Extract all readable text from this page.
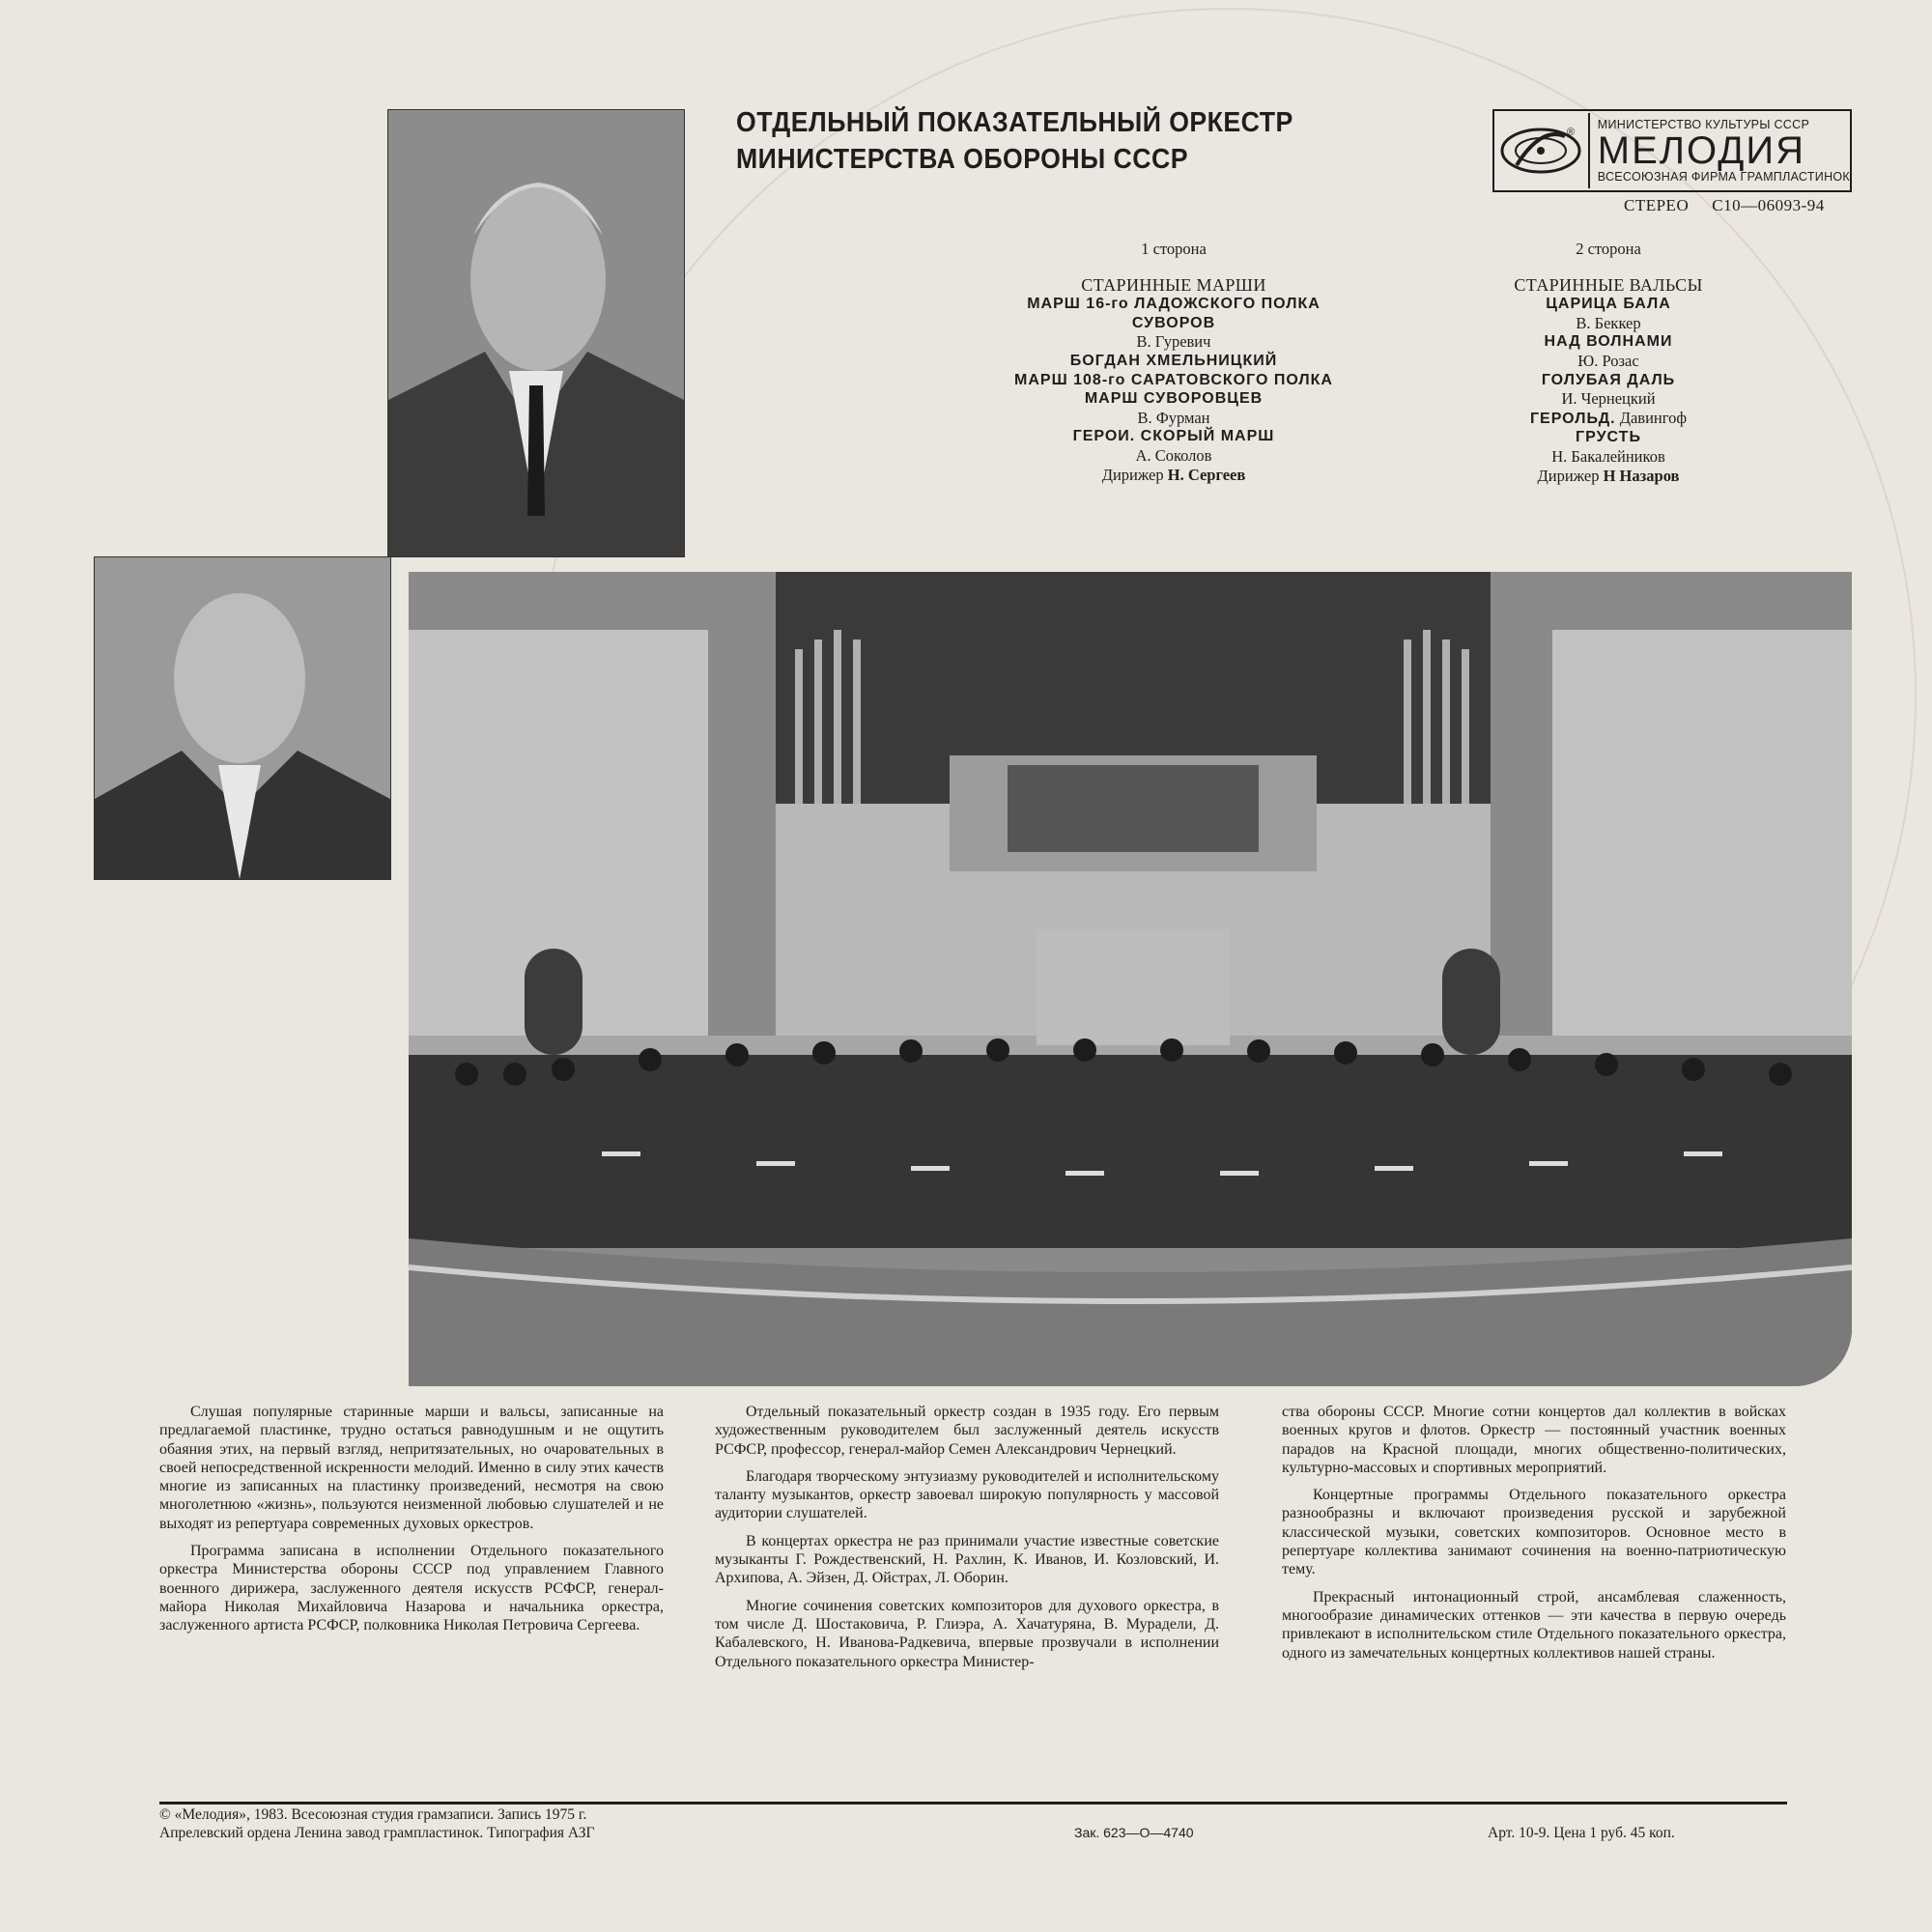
ОТДЕЛЬНЫЙ ПОКАЗАТЕЛЬНЫЙ ОРКЕСТР
МИНИСТЕРСТВА ОБОРОНЫ СССР
®
МИНИСТЕРСТВО КУЛЬТУРЫ СССР
МЕЛОДИЯ
ВСЕСОЮЗНАЯ ФИРМА ГРАМПЛАСТИНОК
СТЕРЕО С10—06093-94
1 сторона
СТАРИННЫЕ МАРШИ
МАРШ 16-го ЛАДОЖСКОГО ПОЛКА
СУВОРОВ
В. Гуревич
БОГДАН ХМЕЛЬНИЦКИЙ
МАРШ 108-го САРАТОВСКОГО ПОЛКА
МАРШ СУВОРОВЦЕВ
В. Фурман
ГЕРОИ. СКОРЫЙ МАРШ
А. Соколов
Дирижер Н. Сергеев
2 сторона
СТАРИННЫЕ ВАЛЬСЫ
ЦАРИЦА БАЛА
В. Беккер
НАД ВОЛНАМИ
Ю. Розас
ГОЛУБАЯ ДАЛЬ
И. Чернецкий
ГЕРОЛЬД. Давингоф
ГРУСТЬ
Н. Бакалейников
Дирижер Н Назаров

Слушая популярные старинные марши и вальсы, записанные на предлагаемой пластинке, трудно остаться равнодушным и не ощутить обаяния этих, на первый взгляд, непритязательных, но очаровательных в своей непосредственной искренности мелодий. Именно в силу этих качеств многие из записанных на пластинку произведений, несмотря на свою многолетнюю «жизнь», пользуются неизменной любовью слушателей и не выходят из репертуара современных духовых оркестров.

Программа записана в исполнении Отдельного показательного оркестра Министерства обороны СССР под управлением Главного военного дирижера, заслуженного деятеля искусств РСФСР, генерал-майора Николая Михайловича Назарова и начальника оркестра, заслуженного артиста РСФСР, полковника Николая Петровича Сергеева.

Отдельный показательный оркестр создан в 1935 году. Его первым художественным руководителем был заслуженный деятель искусств РСФСР, профессор, генерал-майор Семен Александрович Чернецкий.

Благодаря творческому энтузиазму руководителей и исполнительскому таланту музыкантов, оркестр завоевал широкую популярность у массовой аудитории слушателей.

В концертах оркестра не раз принимали участие известные советские музыканты Г. Рождественский, Н. Рахлин, К. Иванов, И. Козловский, И. Архипова, А. Эйзен, Д. Ойстрах, Л. Оборин.

Многие сочинения советских композиторов для духового оркестра, в том числе Д. Шостаковича, Р. Глиэра, А. Хачатуряна, В. Мурадели, Д. Кабалевского, Н. Иванова-Радкевича, впервые прозвучали в исполнении Отдельного показательного оркестра Министер-

ства обороны СССР. Многие сотни концертов дал коллектив в войсках военных кругов и флотов. Оркестр — постоянный участник военных парадов на Красной площади, многих общественно-политических, культурно-массовых и спортивных мероприятий.

Концертные программы Отдельного показательного оркестра разнообразны и включают произведения русской и зарубежной классической музыки, советских композиторов. Основное место в репертуаре коллектива занимают сочинения на военно-патриотическую тему.

Прекрасный интонационный строй, ансамблевая слаженность, многообразие динамических оттенков — эти качества в первую очередь привлекают в исполнительском стиле Отдельного показательного оркестра, одного из замечательных концертных коллективов нашей страны.

© «Мелодия», 1983. Всесоюзная студия грамзаписи. Запись 1975 г.
Апрелевский ордена Ленина завод грампластинок. Типография АЗГ	Зак. 623—О—4740	Арт. 10-9. Цена 1 руб. 45 коп.
